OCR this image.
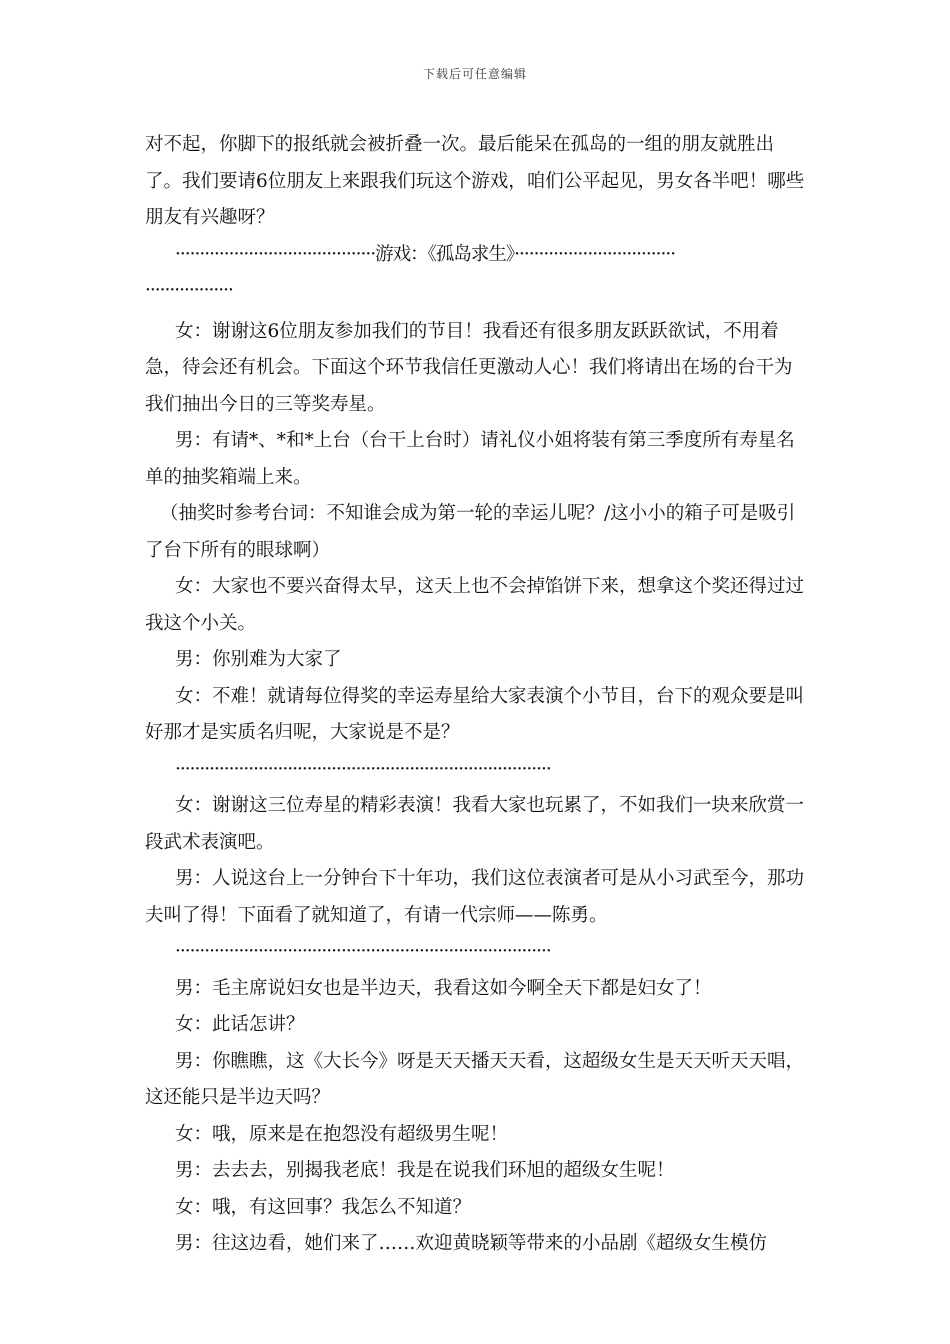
下载后可任意编辑

对不起，你脚下的报纸就会被折叠一次。最后能呆在孤岛的一组的朋友就胜出了。我们要请6位朋友上来跟我们玩这个游戏，咱们公平起见，男女各半吧！哪些朋友有兴趣呀？

·········································游戏：《孤岛求生》·································

··················

女：谢谢这6位朋友参加我们的节目！我看还有很多朋友跃跃欲试，不用着急，待会还有机会。下面这个环节我信任更激动人心！我们将请出在场的台干为我们抽出今日的三等奖寿星。

男：有请*、*和*上台（台干上台时）请礼仪小姐将装有第三季度所有寿星名单的抽奖箱端上来。

（抽奖时参考台词：不知谁会成为第一轮的幸运儿呢？/这小小的箱子可是吸引了台下所有的眼球啊）

女：大家也不要兴奋得太早，这天上也不会掉馅饼下来，想拿这个奖还得过过我这个小关。

男：你别难为大家了

女：不难！就请每位得奖的幸运寿星给大家表演个小节目，台下的观众要是叫好那才是实质名归呢，大家说是不是？

·············································································

女：谢谢这三位寿星的精彩表演！我看大家也玩累了，不如我们一块来欣赏一段武术表演吧。

男：人说这台上一分钟台下十年功，我们这位表演者可是从小习武至今，那功夫叫了得！下面看了就知道了，有请一代宗师——陈勇。

·············································································

男：毛主席说妇女也是半边天，我看这如今啊全天下都是妇女了！

女：此话怎讲？

男：你瞧瞧，这《大长今》呀是天天播天天看，这超级女生是天天听天天唱，这还能只是半边天吗？

女：哦，原来是在抱怨没有超级男生呢！

男：去去去，别揭我老底！我是在说我们环旭的超级女生呢！

女：哦，有这回事？我怎么不知道？

男：往这边看，她们来了……欢迎黄晓颖等带来的小品剧《超级女生模仿
